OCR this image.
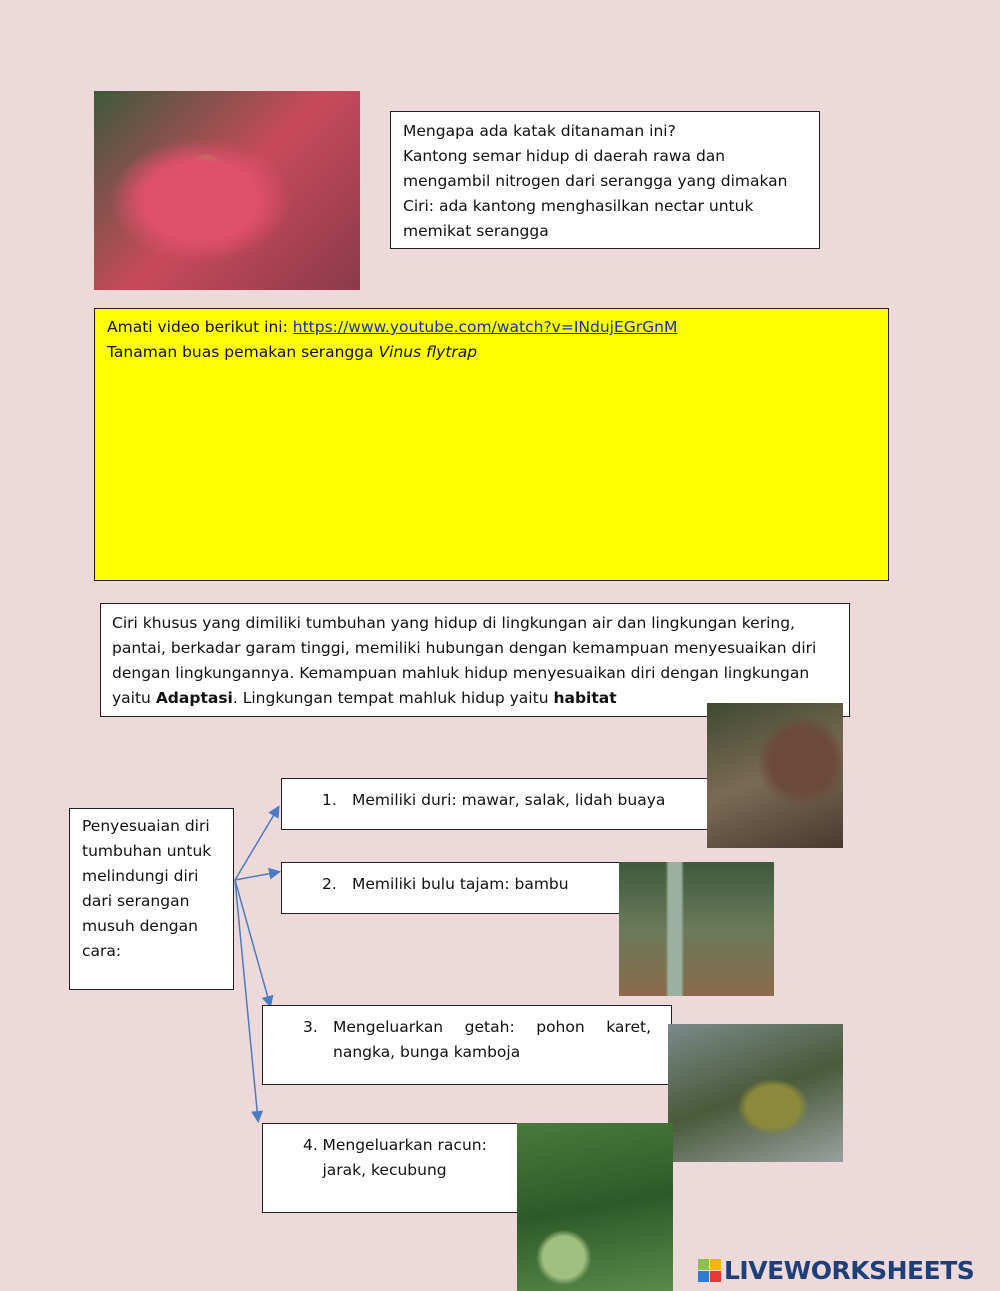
Mengapa ada katak ditanaman ini?
Kantong semar hidup di daerah rawa dan
mengambil nitrogen dari serangga yang dimakan
Ciri: ada kantong menghasilkan nectar untuk
memikat serangga
Amati video berikut ini: https://www.youtube.com/watch?v=INdujEGrGnM
Tanaman buas pemakan serangga Vinus flytrap
Ciri khusus yang dimiliki tumbuhan yang hidup di lingkungan air dan lingkungan kering, pantai, berkadar garam tinggi, memiliki hubungan dengan kemampuan menyesuaikan diri dengan lingkungannya. Kemampuan mahluk hidup menyesuaikan diri dengan lingkungan yaitu Adaptasi. Lingkungan tempat mahluk hidup yaitu habitat
Penyesuaian diri tumbuhan untuk melindungi diri dari serangan musuh dengan cara:
1. Memiliki duri: mawar, salak, lidah buaya
2. Memiliki bulu tajam: bambu
3. Mengeluarkan getah: pohon karet, nangka, bunga kamboja
4. Mengeluarkan racun: jarak, kecubung
LIVEWORKSHEETS
